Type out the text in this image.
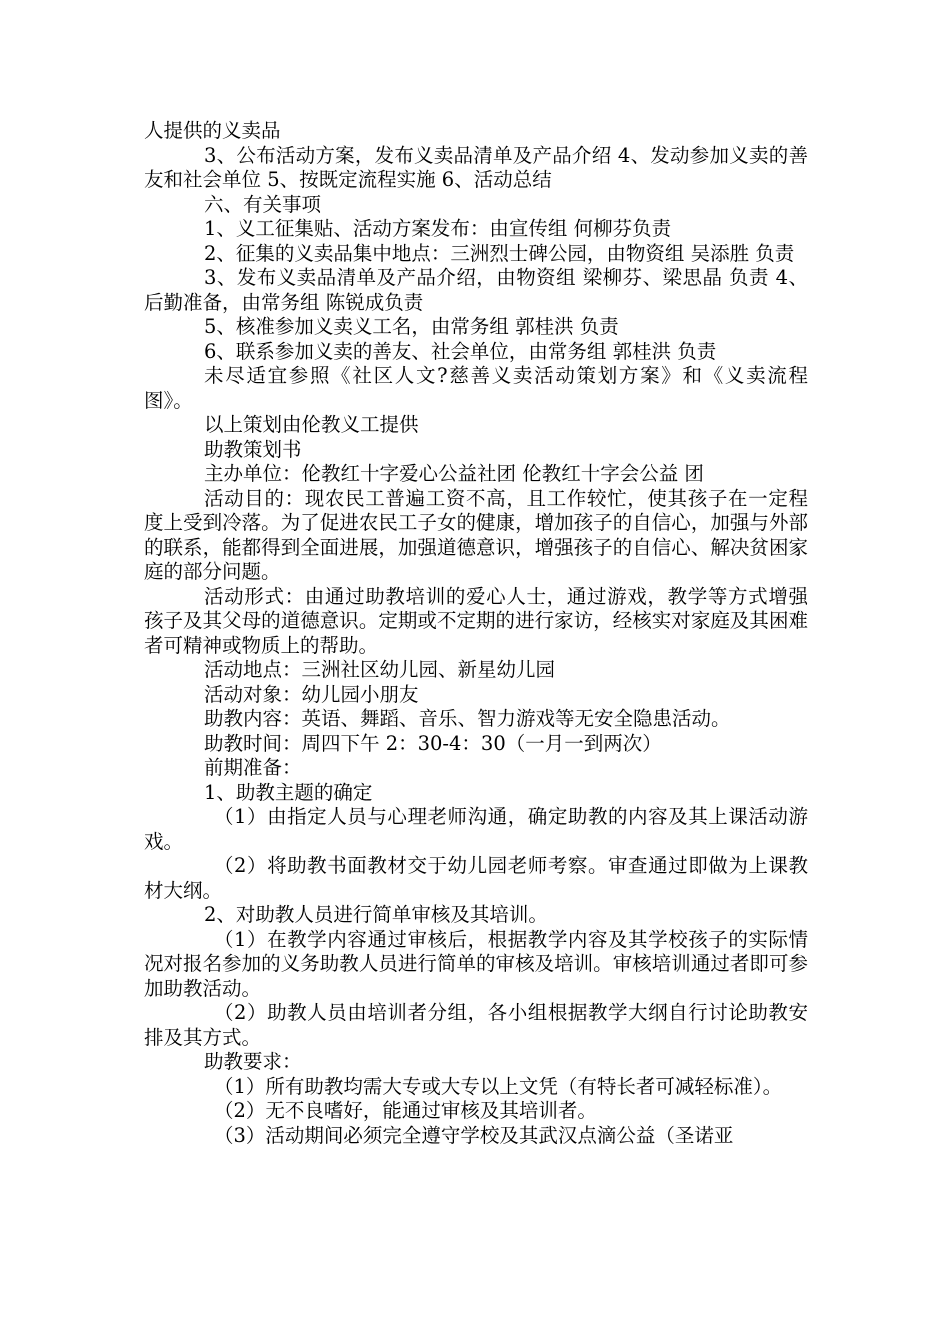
人提供的义卖品

3、公布活动方案，发布义卖品清单及产品介绍 4、发动参加义卖的善友和社会单位 5、按既定流程实施 6、活动总结

六、有关事项

1、义工征集贴、活动方案发布：由宣传组 何柳芬负责

2、征集的义卖品集中地点：三洲烈士碑公园，由物资组 吴添胜 负责

3、发布义卖品清单及产品介绍，由物资组 梁柳芬、梁思晶 负责 4、后勤准备，由常务组 陈锐成负责

5、核准参加义卖义工名，由常务组 郭桂洪 负责

6、联系参加义卖的善友、社会单位，由常务组 郭桂洪 负责

未尽适宜参照《社区人文?慈善义卖活动策划方案》和《义卖流程图》。

以上策划由伦教义工提供

助教策划书

主办单位：伦教红十字爱心公益社团 伦教红十字会公益 团

活动目的：现农民工普遍工资不高，且工作较忙，使其孩子在一定程度上受到冷落。为了促进农民工子女的健康，增加孩子的自信心，加强与外部的联系，能都得到全面进展，加强道德意识，增强孩子的自信心、解决贫困家庭的部分问题。

活动形式：由通过助教培训的爱心人士，通过游戏，教学等方式增强孩子及其父母的道德意识。定期或不定期的进行家访，经核实对家庭及其困难者可精神或物质上的帮助。

活动地点：三洲社区幼儿园、新星幼儿园

活动对象：幼儿园小朋友

助教内容：英语、舞蹈、音乐、智力游戏等无安全隐患活动。

助教时间：周四下午 2：30-4：30（一月一到两次）

前期准备：

1、助教主题的确定

（1）由指定人员与心理老师沟通，确定助教的内容及其上课活动游戏。

（2）将助教书面教材交于幼儿园老师考察。审查通过即做为上课教材大纲。

2、对助教人员进行简单审核及其培训。

（1）在教学内容通过审核后，根据教学内容及其学校孩子的实际情况对报名参加的义务助教人员进行简单的审核及培训。审核培训通过者即可参加助教活动。

（2）助教人员由培训者分组，各小组根据教学大纲自行讨论助教安排及其方式。

助教要求：

（1）所有助教均需大专或大专以上文凭（有特长者可减轻标准）。

（2）无不良嗜好，能通过审核及其培训者。

（3）活动期间必须完全遵守学校及其武汉点滴公益（圣诺亚
